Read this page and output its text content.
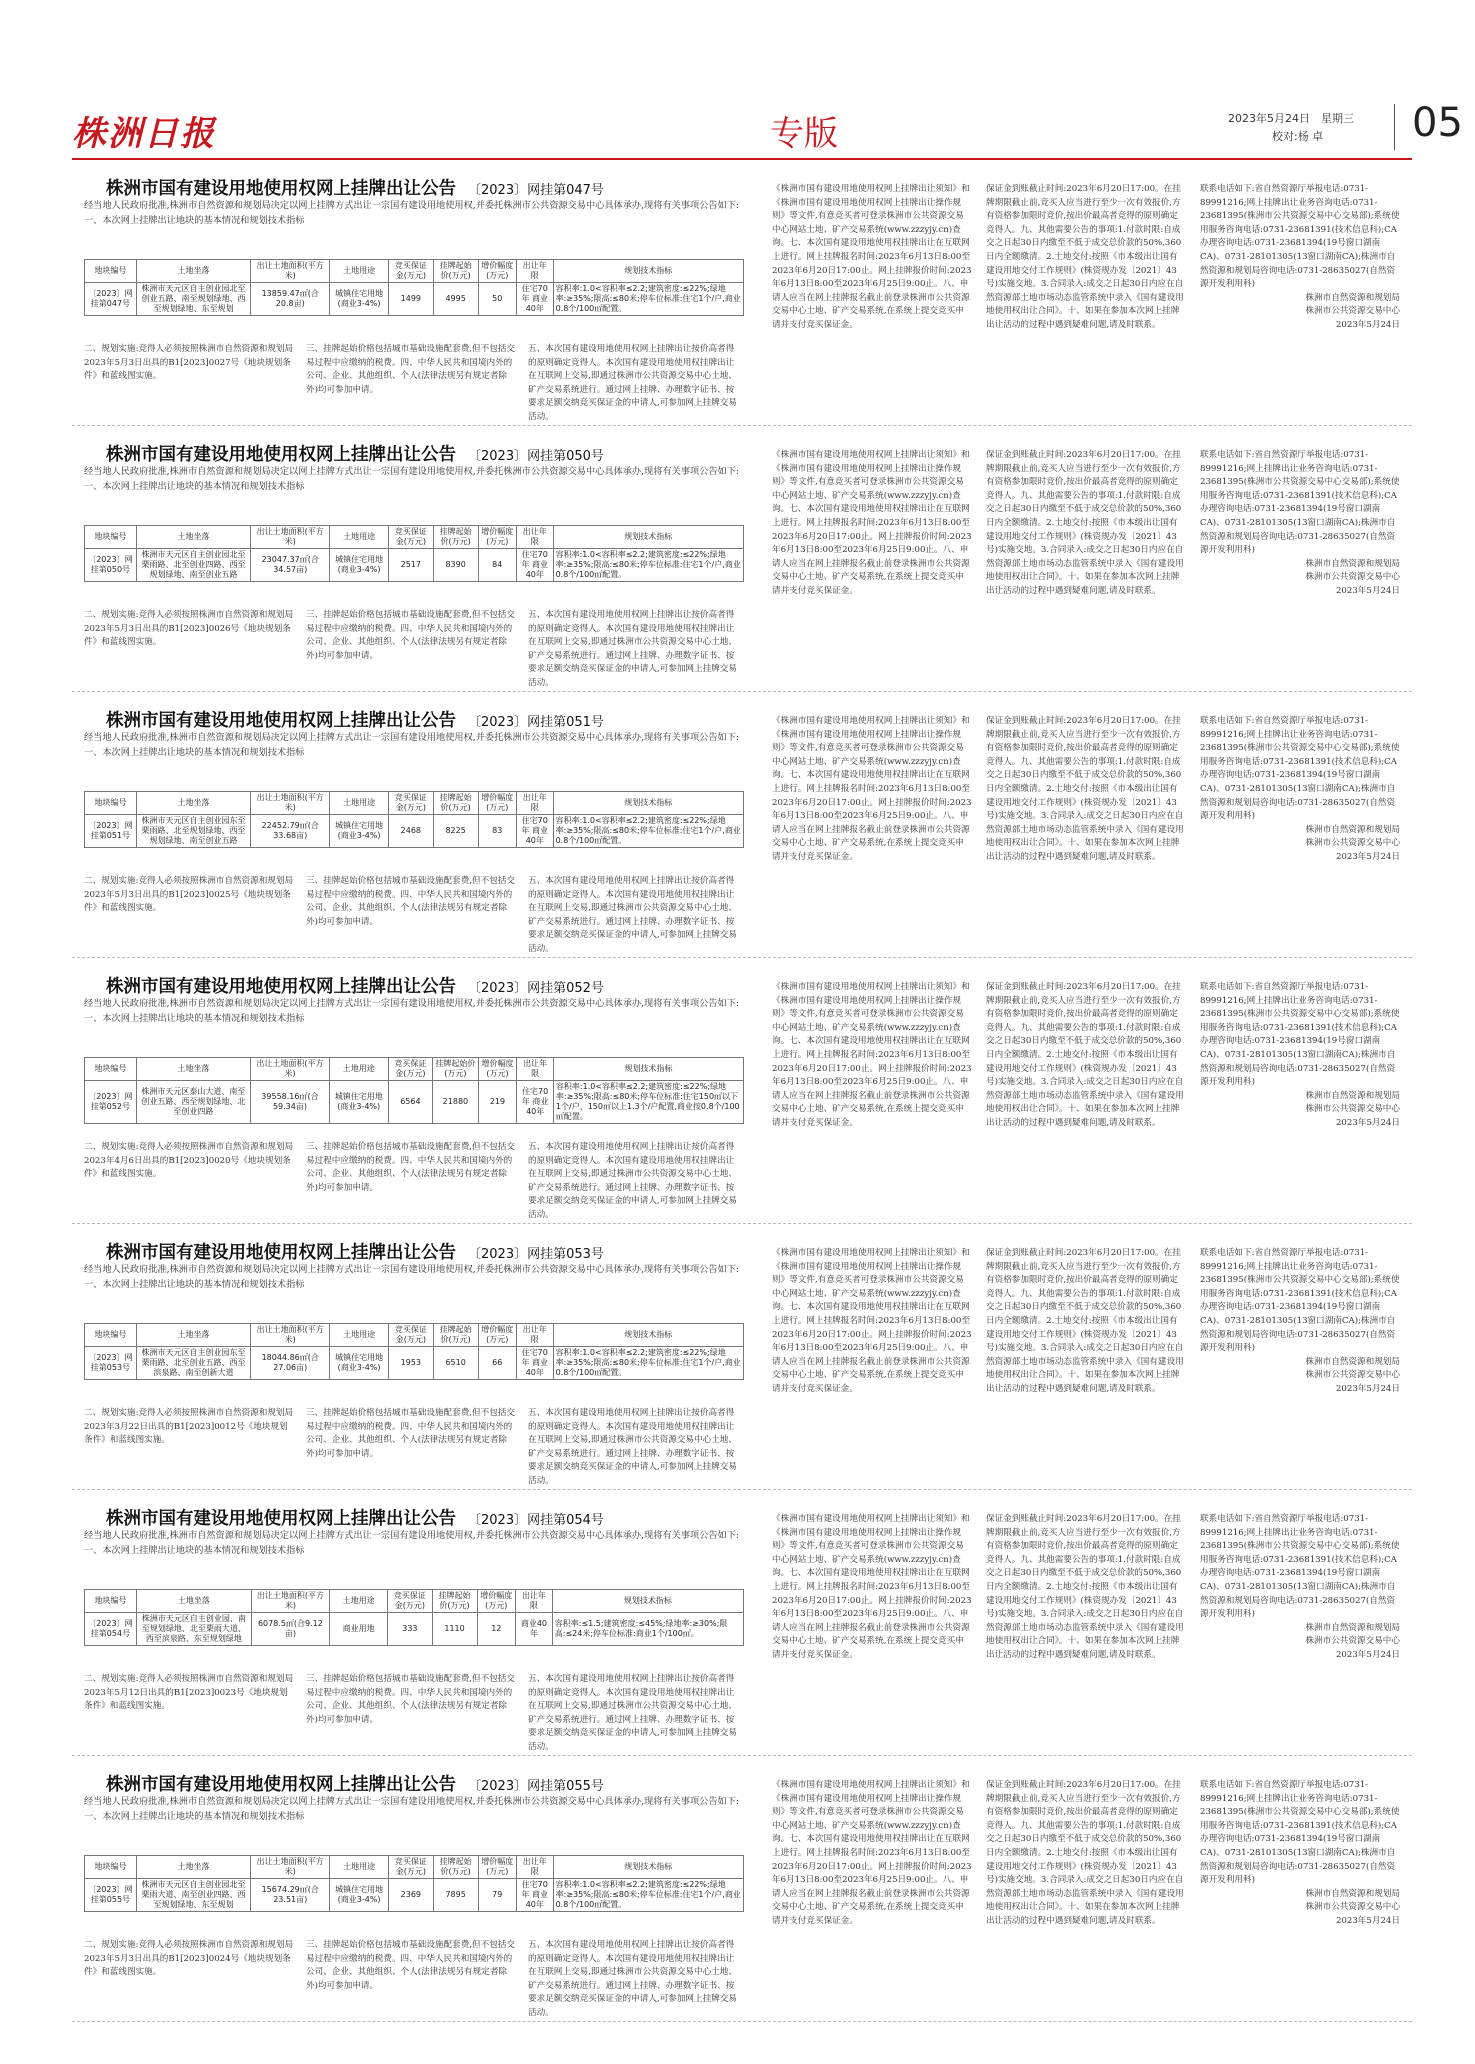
株洲日报	专版	2023年5月24日　星期三
校对:杨 卓 05
株洲市国有建设用地使用权网上挂牌出让公告 〔2023〕网挂第047号
经当地人民政府批准,株洲市自然资源和规划局决定以网上挂牌方式出让一宗国有建设用地使用权,并委托株洲市公共资源交易中心具体承办,现将有关事项公告如下:
一、本次网上挂牌出让地块的基本情况和规划技术指标
地块编号	土地坐落	出让土地面积(平方米)	土地用途	竞买保证金(万元)	挂牌起始价(万元)	增价幅度(万元)	出让年限	规划技术指标
〔2023〕网挂第047号	株洲市天元区自主创业园北至创业五路、南至规划绿地、西至规划绿地、东至规划	13859.47㎡(合20.8亩)	城镇住宅用地(商业3-4%)	1499	4995	50	住宅70年 商业40年	容积率:1.0<容积率≤2.2;建筑密度:≤22%;绿地率:≥35%;限高:≤80米;停车位标准:住宅1个/户,商业0.8个/100㎡配置。

二、规划实施:竞得人必须按照株洲市自然资源和规划局2023年5月3日出具的B1[2023]0027号《地块规划条件》和蓝线图实施。

三、挂牌起始价格包括城市基础设施配套费,但不包括交易过程中应缴纳的税费。四、中华人民共和国境内外的公司、企业、其他组织、个人(法律法规另有规定者除外)均可参加申请。
五、本次国有建设用地使用权网上挂牌出让按价高者得的原则确定竞得人。本次国有建设用地使用权挂牌出让在互联网上交易,即通过株洲市公共资源交易中心土地、矿产交易系统进行。通过网上挂牌、办理数字证书、按要求足额交纳竞买保证金的申请人,可参加网上挂牌交易活动。
《株洲市国有建设用地使用权网上挂牌出让须知》和《株洲市国有建设用地使用权网上挂牌出让操作规则》等文件,有意竞买者可登录株洲市公共资源交易中心网站土地、矿产交易系统(www.zzzyjy.cn)查询。七、本次国有建设用地使用权挂牌出让在互联网上进行。网上挂牌报名时间:2023年6月13日8:00至2023年6月20日17:00止。网上挂牌报价时间:2023年6月13日8:00至2023年6月25日9:00止。八、申请人应当在网上挂牌报名截止前登录株洲市公共资源交易中心土地、矿产交易系统,在系统上提交竞买申请并支付竞买保证金。
保证金到账截止时间:2023年6月20日17:00。在挂牌期限截止前,竞买人应当进行至少一次有效报价,方有资格参加限时竞价,按出价最高者竞得的原则确定竞得人。九、其他需要公告的事项:1.付款时限:自成交之日起30日内缴至不低于成交总价款的50%,360日内全额缴清。2.土地交付:按照《市本级出让国有建设用地交付工作规则》(株资规办发〔2021〕43号)实施交地。3.合同录入:成交之日起30日内应在自然资源部土地市场动态监管系统中录入《国有建设用地使用权出让合同》。十、如果在参加本次网上挂牌出让活动的过程中遇到疑难问题,请及时联系。

联系电话如下:省自然资源厅举报电话:0731-89991216;网上挂牌出让业务咨询电话:0731-23681395(株洲市公共资源交易中心交易部);系统使用服务咨询电话:0731-23681391(技术信息科);CA办理咨询电话:0731-23681394(19号窗口湖南CA)、0731-28101305(13窗口湖南CA);株洲市自然资源和规划局咨询电话:0731-28635027(自然资源开发利用科)

株洲市自然资源和规划局

株洲市公共资源交易中心

2023年5月24日

株洲市国有建设用地使用权网上挂牌出让公告 〔2023〕网挂第050号
经当地人民政府批准,株洲市自然资源和规划局决定以网上挂牌方式出让一宗国有建设用地使用权,并委托株洲市公共资源交易中心具体承办,现将有关事项公告如下:
一、本次网上挂牌出让地块的基本情况和规划技术指标
地块编号	土地坐落	出让土地面积(平方米)	土地用途	竞买保证金(万元)	挂牌起始价(万元)	增价幅度(万元)	出让年限	规划技术指标
〔2023〕网挂第050号	株洲市天元区自主创业园北至栗雨路、北至创业四路、西至规划绿地、南至创业五路	23047.37㎡(合34.57亩)	城镇住宅用地(商业3-4%)	2517	8390	84	住宅70年 商业40年	容积率:1.0<容积率≤2.2;建筑密度:≤22%;绿地率:≥35%;限高:≤80米;停车位标准:住宅1个/户,商业0.8个/100㎡配置。

二、规划实施:竞得人必须按照株洲市自然资源和规划局2023年5月3日出具的B1[2023]0026号《地块规划条件》和蓝线图实施。

三、挂牌起始价格包括城市基础设施配套费,但不包括交易过程中应缴纳的税费。四、中华人民共和国境内外的公司、企业、其他组织、个人(法律法规另有规定者除外)均可参加申请。
五、本次国有建设用地使用权网上挂牌出让按价高者得的原则确定竞得人。本次国有建设用地使用权挂牌出让在互联网上交易,即通过株洲市公共资源交易中心土地、矿产交易系统进行。通过网上挂牌、办理数字证书、按要求足额交纳竞买保证金的申请人,可参加网上挂牌交易活动。
《株洲市国有建设用地使用权网上挂牌出让须知》和《株洲市国有建设用地使用权网上挂牌出让操作规则》等文件,有意竞买者可登录株洲市公共资源交易中心网站土地、矿产交易系统(www.zzzyjy.cn)查询。七、本次国有建设用地使用权挂牌出让在互联网上进行。网上挂牌报名时间:2023年6月13日8:00至2023年6月20日17:00止。网上挂牌报价时间:2023年6月13日8:00至2023年6月25日9:00止。八、申请人应当在网上挂牌报名截止前登录株洲市公共资源交易中心土地、矿产交易系统,在系统上提交竞买申请并支付竞买保证金。
保证金到账截止时间:2023年6月20日17:00。在挂牌期限截止前,竞买人应当进行至少一次有效报价,方有资格参加限时竞价,按出价最高者竞得的原则确定竞得人。九、其他需要公告的事项:1.付款时限:自成交之日起30日内缴至不低于成交总价款的50%,360日内全额缴清。2.土地交付:按照《市本级出让国有建设用地交付工作规则》(株资规办发〔2021〕43号)实施交地。3.合同录入:成交之日起30日内应在自然资源部土地市场动态监管系统中录入《国有建设用地使用权出让合同》。十、如果在参加本次网上挂牌出让活动的过程中遇到疑难问题,请及时联系。

联系电话如下:省自然资源厅举报电话:0731-89991216;网上挂牌出让业务咨询电话:0731-23681395(株洲市公共资源交易中心交易部);系统使用服务咨询电话:0731-23681391(技术信息科);CA办理咨询电话:0731-23681394(19号窗口湖南CA)、0731-28101305(13窗口湖南CA);株洲市自然资源和规划局咨询电话:0731-28635027(自然资源开发利用科)

株洲市自然资源和规划局

株洲市公共资源交易中心

2023年5月24日

株洲市国有建设用地使用权网上挂牌出让公告 〔2023〕网挂第051号
经当地人民政府批准,株洲市自然资源和规划局决定以网上挂牌方式出让一宗国有建设用地使用权,并委托株洲市公共资源交易中心具体承办,现将有关事项公告如下:
一、本次网上挂牌出让地块的基本情况和规划技术指标
地块编号	土地坐落	出让土地面积(平方米)	土地用途	竞买保证金(万元)	挂牌起始价(万元)	增价幅度(万元)	出让年限	规划技术指标
〔2023〕网挂第051号	株洲市天元区自主创业园东至栗雨路、北至规划绿地、西至规划绿地、南至创业五路	22452.79㎡(合33.68亩)	城镇住宅用地(商业3-4%)	2468	8225	83	住宅70年 商业40年	容积率:1.0<容积率≤2.2;建筑密度:≤22%;绿地率:≥35%;限高:≤80米;停车位标准:住宅1个/户,商业0.8个/100㎡配置。

二、规划实施:竞得人必须按照株洲市自然资源和规划局2023年5月3日出具的B1[2023]0025号《地块规划条件》和蓝线图实施。

三、挂牌起始价格包括城市基础设施配套费,但不包括交易过程中应缴纳的税费。四、中华人民共和国境内外的公司、企业、其他组织、个人(法律法规另有规定者除外)均可参加申请。
五、本次国有建设用地使用权网上挂牌出让按价高者得的原则确定竞得人。本次国有建设用地使用权挂牌出让在互联网上交易,即通过株洲市公共资源交易中心土地、矿产交易系统进行。通过网上挂牌、办理数字证书、按要求足额交纳竞买保证金的申请人,可参加网上挂牌交易活动。
《株洲市国有建设用地使用权网上挂牌出让须知》和《株洲市国有建设用地使用权网上挂牌出让操作规则》等文件,有意竞买者可登录株洲市公共资源交易中心网站土地、矿产交易系统(www.zzzyjy.cn)查询。七、本次国有建设用地使用权挂牌出让在互联网上进行。网上挂牌报名时间:2023年6月13日8:00至2023年6月20日17:00止。网上挂牌报价时间:2023年6月13日8:00至2023年6月25日9:00止。八、申请人应当在网上挂牌报名截止前登录株洲市公共资源交易中心土地、矿产交易系统,在系统上提交竞买申请并支付竞买保证金。
保证金到账截止时间:2023年6月20日17:00。在挂牌期限截止前,竞买人应当进行至少一次有效报价,方有资格参加限时竞价,按出价最高者竞得的原则确定竞得人。九、其他需要公告的事项:1.付款时限:自成交之日起30日内缴至不低于成交总价款的50%,360日内全额缴清。2.土地交付:按照《市本级出让国有建设用地交付工作规则》(株资规办发〔2021〕43号)实施交地。3.合同录入:成交之日起30日内应在自然资源部土地市场动态监管系统中录入《国有建设用地使用权出让合同》。十、如果在参加本次网上挂牌出让活动的过程中遇到疑难问题,请及时联系。

联系电话如下:省自然资源厅举报电话:0731-89991216;网上挂牌出让业务咨询电话:0731-23681395(株洲市公共资源交易中心交易部);系统使用服务咨询电话:0731-23681391(技术信息科);CA办理咨询电话:0731-23681394(19号窗口湖南CA)、0731-28101305(13窗口湖南CA);株洲市自然资源和规划局咨询电话:0731-28635027(自然资源开发利用科)

株洲市自然资源和规划局

株洲市公共资源交易中心

2023年5月24日

株洲市国有建设用地使用权网上挂牌出让公告 〔2023〕网挂第052号
经当地人民政府批准,株洲市自然资源和规划局决定以网上挂牌方式出让一宗国有建设用地使用权,并委托株洲市公共资源交易中心具体承办,现将有关事项公告如下:
一、本次网上挂牌出让地块的基本情况和规划技术指标
地块编号	土地坐落	出让土地面积(平方米)	土地用途	竞买保证金(万元)	挂牌起始价(万元)	增价幅度(万元)	出让年限	规划技术指标
〔2023〕网挂第052号	株洲市天元区泰山大道、南至创业五路、西至规划绿地、北至创业四路	39558.16㎡(合59.34亩)	城镇住宅用地(商业3-4%)	6564	21880	219	住宅70年 商业40年	容积率:1.0<容积率≤2.2;建筑密度:≤22%;绿地率:≥35%;限高:≤80米;停车位标准:住宅150㎡以下1个/户、150㎡以上1.3个/户配置,商业按0.8个/100㎡配置。

二、规划实施:竞得人必须按照株洲市自然资源和规划局2023年4月6日出具的B1[2023]0020号《地块规划条件》和蓝线图实施。

三、挂牌起始价格包括城市基础设施配套费,但不包括交易过程中应缴纳的税费。四、中华人民共和国境内外的公司、企业、其他组织、个人(法律法规另有规定者除外)均可参加申请。
五、本次国有建设用地使用权网上挂牌出让按价高者得的原则确定竞得人。本次国有建设用地使用权挂牌出让在互联网上交易,即通过株洲市公共资源交易中心土地、矿产交易系统进行。通过网上挂牌、办理数字证书、按要求足额交纳竞买保证金的申请人,可参加网上挂牌交易活动。
《株洲市国有建设用地使用权网上挂牌出让须知》和《株洲市国有建设用地使用权网上挂牌出让操作规则》等文件,有意竞买者可登录株洲市公共资源交易中心网站土地、矿产交易系统(www.zzzyjy.cn)查询。七、本次国有建设用地使用权挂牌出让在互联网上进行。网上挂牌报名时间:2023年6月13日8:00至2023年6月20日17:00止。网上挂牌报价时间:2023年6月13日8:00至2023年6月25日9:00止。八、申请人应当在网上挂牌报名截止前登录株洲市公共资源交易中心土地、矿产交易系统,在系统上提交竞买申请并支付竞买保证金。
保证金到账截止时间:2023年6月20日17:00。在挂牌期限截止前,竞买人应当进行至少一次有效报价,方有资格参加限时竞价,按出价最高者竞得的原则确定竞得人。九、其他需要公告的事项:1.付款时限:自成交之日起30日内缴至不低于成交总价款的50%,360日内全额缴清。2.土地交付:按照《市本级出让国有建设用地交付工作规则》(株资规办发〔2021〕43号)实施交地。3.合同录入:成交之日起30日内应在自然资源部土地市场动态监管系统中录入《国有建设用地使用权出让合同》。十、如果在参加本次网上挂牌出让活动的过程中遇到疑难问题,请及时联系。

联系电话如下:省自然资源厅举报电话:0731-89991216;网上挂牌出让业务咨询电话:0731-23681395(株洲市公共资源交易中心交易部);系统使用服务咨询电话:0731-23681391(技术信息科);CA办理咨询电话:0731-23681394(19号窗口湖南CA)、0731-28101305(13窗口湖南CA);株洲市自然资源和规划局咨询电话:0731-28635027(自然资源开发利用科)

株洲市自然资源和规划局

株洲市公共资源交易中心

2023年5月24日

株洲市国有建设用地使用权网上挂牌出让公告 〔2023〕网挂第053号
经当地人民政府批准,株洲市自然资源和规划局决定以网上挂牌方式出让一宗国有建设用地使用权,并委托株洲市公共资源交易中心具体承办,现将有关事项公告如下:
一、本次网上挂牌出让地块的基本情况和规划技术指标
地块编号	土地坐落	出让土地面积(平方米)	土地用途	竞买保证金(万元)	挂牌起始价(万元)	增价幅度(万元)	出让年限	规划技术指标
〔2023〕网挂第053号	株洲市天元区自主创业园东至栗雨路、北至创业五路、西至滨泉路、南至创新大道	18044.86㎡(合27.06亩)	城镇住宅用地(商业3-4%)	1953	6510	66	住宅70年 商业40年	容积率:1.0<容积率≤2.2;建筑密度:≤22%;绿地率:≥35%;限高:≤80米;停车位标准:住宅1个/户,商业0.8个/100㎡配置。

二、规划实施:竞得人必须按照株洲市自然资源和规划局2023年3月22日出具的B1[2023]0012号《地块规划条件》和蓝线图实施。

三、挂牌起始价格包括城市基础设施配套费,但不包括交易过程中应缴纳的税费。四、中华人民共和国境内外的公司、企业、其他组织、个人(法律法规另有规定者除外)均可参加申请。
五、本次国有建设用地使用权网上挂牌出让按价高者得的原则确定竞得人。本次国有建设用地使用权挂牌出让在互联网上交易,即通过株洲市公共资源交易中心土地、矿产交易系统进行。通过网上挂牌、办理数字证书、按要求足额交纳竞买保证金的申请人,可参加网上挂牌交易活动。
《株洲市国有建设用地使用权网上挂牌出让须知》和《株洲市国有建设用地使用权网上挂牌出让操作规则》等文件,有意竞买者可登录株洲市公共资源交易中心网站土地、矿产交易系统(www.zzzyjy.cn)查询。七、本次国有建设用地使用权挂牌出让在互联网上进行。网上挂牌报名时间:2023年6月13日8:00至2023年6月20日17:00止。网上挂牌报价时间:2023年6月13日8:00至2023年6月25日9:00止。八、申请人应当在网上挂牌报名截止前登录株洲市公共资源交易中心土地、矿产交易系统,在系统上提交竞买申请并支付竞买保证金。
保证金到账截止时间:2023年6月20日17:00。在挂牌期限截止前,竞买人应当进行至少一次有效报价,方有资格参加限时竞价,按出价最高者竞得的原则确定竞得人。九、其他需要公告的事项:1.付款时限:自成交之日起30日内缴至不低于成交总价款的50%,360日内全额缴清。2.土地交付:按照《市本级出让国有建设用地交付工作规则》(株资规办发〔2021〕43号)实施交地。3.合同录入:成交之日起30日内应在自然资源部土地市场动态监管系统中录入《国有建设用地使用权出让合同》。十、如果在参加本次网上挂牌出让活动的过程中遇到疑难问题,请及时联系。

联系电话如下:省自然资源厅举报电话:0731-89991216;网上挂牌出让业务咨询电话:0731-23681395(株洲市公共资源交易中心交易部);系统使用服务咨询电话:0731-23681391(技术信息科);CA办理咨询电话:0731-23681394(19号窗口湖南CA)、0731-28101305(13窗口湖南CA);株洲市自然资源和规划局咨询电话:0731-28635027(自然资源开发利用科)

株洲市自然资源和规划局

株洲市公共资源交易中心

2023年5月24日

株洲市国有建设用地使用权网上挂牌出让公告 〔2023〕网挂第054号
经当地人民政府批准,株洲市自然资源和规划局决定以网上挂牌方式出让一宗国有建设用地使用权,并委托株洲市公共资源交易中心具体承办,现将有关事项公告如下:
一、本次网上挂牌出让地块的基本情况和规划技术指标
地块编号	土地坐落	出让土地面积(平方米)	土地用途	竞买保证金(万元)	挂牌起始价(万元)	增价幅度(万元)	出让年限	规划技术指标
〔2023〕网挂第054号	株洲市天元区自主创业园、南至规划绿地、北至栗雨大道、西至滨泉路、东至规划绿地	6078.5㎡(合9.12亩)	商业用地	333	1110	12	商业40年	容积率:≤1.5;建筑密度:≤45%;绿地率:≥30%;限高:≤24米;停车位标准:商业1个/100㎡。

二、规划实施:竞得人必须按照株洲市自然资源和规划局2023年5月12日出具的B1[2023]0023号《地块规划条件》和蓝线图实施。

三、挂牌起始价格包括城市基础设施配套费,但不包括交易过程中应缴纳的税费。四、中华人民共和国境内外的公司、企业、其他组织、个人(法律法规另有规定者除外)均可参加申请。
五、本次国有建设用地使用权网上挂牌出让按价高者得的原则确定竞得人。本次国有建设用地使用权挂牌出让在互联网上交易,即通过株洲市公共资源交易中心土地、矿产交易系统进行。通过网上挂牌、办理数字证书、按要求足额交纳竞买保证金的申请人,可参加网上挂牌交易活动。
《株洲市国有建设用地使用权网上挂牌出让须知》和《株洲市国有建设用地使用权网上挂牌出让操作规则》等文件,有意竞买者可登录株洲市公共资源交易中心网站土地、矿产交易系统(www.zzzyjy.cn)查询。七、本次国有建设用地使用权挂牌出让在互联网上进行。网上挂牌报名时间:2023年6月13日8:00至2023年6月20日17:00止。网上挂牌报价时间:2023年6月13日8:00至2023年6月25日9:00止。八、申请人应当在网上挂牌报名截止前登录株洲市公共资源交易中心土地、矿产交易系统,在系统上提交竞买申请并支付竞买保证金。
保证金到账截止时间:2023年6月20日17:00。在挂牌期限截止前,竞买人应当进行至少一次有效报价,方有资格参加限时竞价,按出价最高者竞得的原则确定竞得人。九、其他需要公告的事项:1.付款时限:自成交之日起30日内缴至不低于成交总价款的50%,360日内全额缴清。2.土地交付:按照《市本级出让国有建设用地交付工作规则》(株资规办发〔2021〕43号)实施交地。3.合同录入:成交之日起30日内应在自然资源部土地市场动态监管系统中录入《国有建设用地使用权出让合同》。十、如果在参加本次网上挂牌出让活动的过程中遇到疑难问题,请及时联系。

联系电话如下:省自然资源厅举报电话:0731-89991216;网上挂牌出让业务咨询电话:0731-23681395(株洲市公共资源交易中心交易部);系统使用服务咨询电话:0731-23681391(技术信息科);CA办理咨询电话:0731-23681394(19号窗口湖南CA)、0731-28101305(13窗口湖南CA);株洲市自然资源和规划局咨询电话:0731-28635027(自然资源开发利用科)

株洲市自然资源和规划局

株洲市公共资源交易中心

2023年5月24日

株洲市国有建设用地使用权网上挂牌出让公告 〔2023〕网挂第055号
经当地人民政府批准,株洲市自然资源和规划局决定以网上挂牌方式出让一宗国有建设用地使用权,并委托株洲市公共资源交易中心具体承办,现将有关事项公告如下:
一、本次网上挂牌出让地块的基本情况和规划技术指标
地块编号	土地坐落	出让土地面积(平方米)	土地用途	竞买保证金(万元)	挂牌起始价(万元)	增价幅度(万元)	出让年限	规划技术指标
〔2023〕网挂第055号	株洲市天元区自主创业园北至栗雨大道、南至创业四路、西至规划绿地、东至规划	15674.29㎡(合23.51亩)	城镇住宅用地(商业3-4%)	2369	7895	79	住宅70年 商业40年	容积率:1.0<容积率≤2.2;建筑密度:≤22%;绿地率:≥35%;限高:≤80米;停车位标准:住宅1个/户,商业0.8个/100㎡配置。

二、规划实施:竞得人必须按照株洲市自然资源和规划局2023年5月3日出具的B1[2023]0024号《地块规划条件》和蓝线图实施。

三、挂牌起始价格包括城市基础设施配套费,但不包括交易过程中应缴纳的税费。四、中华人民共和国境内外的公司、企业、其他组织、个人(法律法规另有规定者除外)均可参加申请。
五、本次国有建设用地使用权网上挂牌出让按价高者得的原则确定竞得人。本次国有建设用地使用权挂牌出让在互联网上交易,即通过株洲市公共资源交易中心土地、矿产交易系统进行。通过网上挂牌、办理数字证书、按要求足额交纳竞买保证金的申请人,可参加网上挂牌交易活动。
《株洲市国有建设用地使用权网上挂牌出让须知》和《株洲市国有建设用地使用权网上挂牌出让操作规则》等文件,有意竞买者可登录株洲市公共资源交易中心网站土地、矿产交易系统(www.zzzyjy.cn)查询。七、本次国有建设用地使用权挂牌出让在互联网上进行。网上挂牌报名时间:2023年6月13日8:00至2023年6月20日17:00止。网上挂牌报价时间:2023年6月13日8:00至2023年6月25日9:00止。八、申请人应当在网上挂牌报名截止前登录株洲市公共资源交易中心土地、矿产交易系统,在系统上提交竞买申请并支付竞买保证金。
保证金到账截止时间:2023年6月20日17:00。在挂牌期限截止前,竞买人应当进行至少一次有效报价,方有资格参加限时竞价,按出价最高者竞得的原则确定竞得人。九、其他需要公告的事项:1.付款时限:自成交之日起30日内缴至不低于成交总价款的50%,360日内全额缴清。2.土地交付:按照《市本级出让国有建设用地交付工作规则》(株资规办发〔2021〕43号)实施交地。3.合同录入:成交之日起30日内应在自然资源部土地市场动态监管系统中录入《国有建设用地使用权出让合同》。十、如果在参加本次网上挂牌出让活动的过程中遇到疑难问题,请及时联系。

联系电话如下:省自然资源厅举报电话:0731-89991216;网上挂牌出让业务咨询电话:0731-23681395(株洲市公共资源交易中心交易部);系统使用服务咨询电话:0731-23681391(技术信息科);CA办理咨询电话:0731-23681394(19号窗口湖南CA)、0731-28101305(13窗口湖南CA);株洲市自然资源和规划局咨询电话:0731-28635027(自然资源开发利用科)

株洲市自然资源和规划局

株洲市公共资源交易中心

2023年5月24日
